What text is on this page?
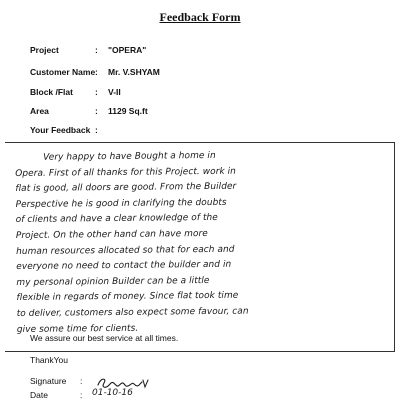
Feedback Form
Project	: "OPERA"
Customer Name : Mr. V.SHYAM
Block /Flat	: V-II
Area	: 1129 Sq.ft
Your Feedback :
Very happy to have Bought a home in
Opera. First of all thanks for this Project. work in
flat is good, all doors are good. From the Builder
Perspective he is good in clarifying the doubts
of clients and have a clear knowledge of the
Project. On the other hand can have more
human resources allocated so that for each and
everyone no need to contact the builder and in
my personal opinion Builder can be a little
flexible in regards of money. Since flat took time
to deliver, customers also expect some favour, can
give some time for clients.
We assure our best service at all times.
ThankYou
Signature :
Date	: 01-10-16
